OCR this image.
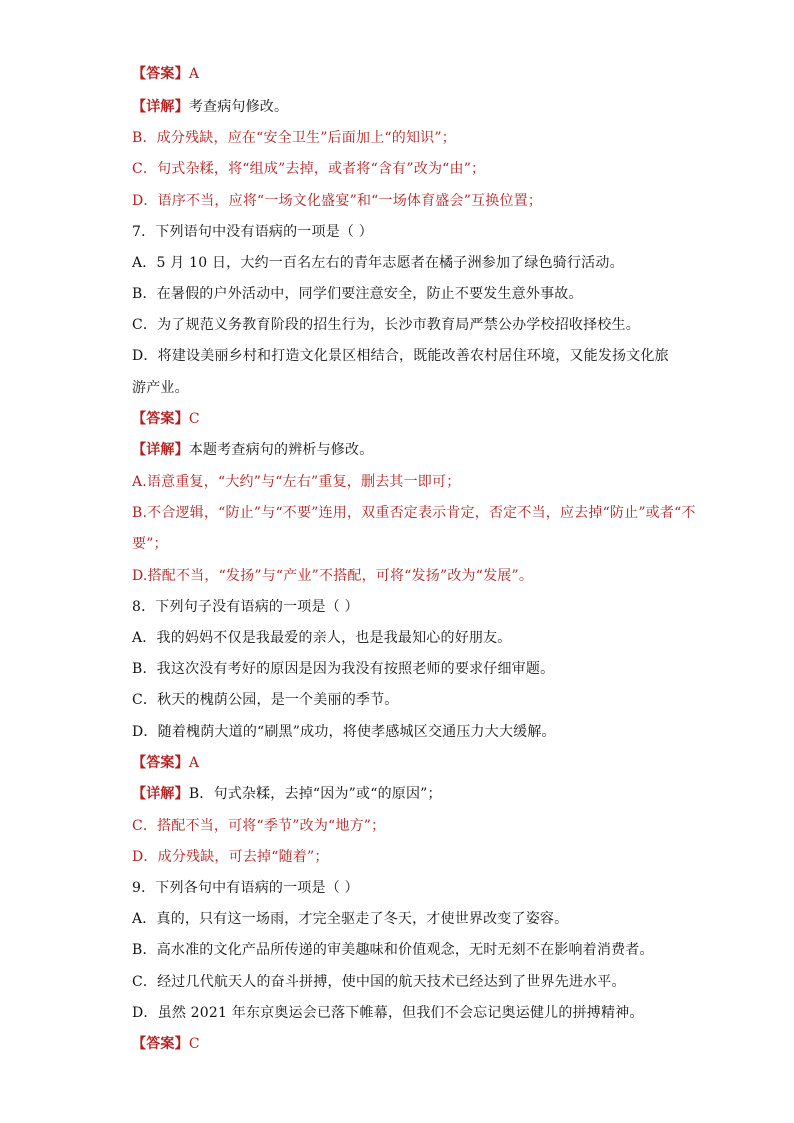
【答案】A
【详解】考查病句修改。
B．成分残缺，应在“安全卫生”后面加上“的知识”；
C．句式杂糅，将“组成”去掉，或者将“含有”改为“由”；
D．语序不当，应将“一场文化盛宴”和“一场体育盛会”互换位置；
7．下列语句中没有语病的一项是（ ）
A．5 月 10 日，大约一百名左右的青年志愿者在橘子洲参加了绿色骑行活动。
B．在暑假的户外活动中，同学们要注意安全，防止不要发生意外事故。
C．为了规范义务教育阶段的招生行为，长沙市教育局严禁公办学校招收择校生。
D．将建设美丽乡村和打造文化景区相结合，既能改善农村居住环境，又能发扬文化旅
游产业。
【答案】C
【详解】本题考查病句的辨析与修改。
A.语意重复，“大约”与“左右”重复，删去其一即可；
B.不合逻辑，“防止”与“不要”连用，双重否定表示肯定，否定不当，应去掉“防止”或者“不
要”；
D.搭配不当，“发扬”与“产业”不搭配，可将“发扬”改为“发展”。
8．下列句子没有语病的一项是（ ）
A．我的妈妈不仅是我最爱的亲人，也是我最知心的好朋友。
B．我这次没有考好的原因是因为我没有按照老师的要求仔细审题。
C．秋天的槐荫公园，是一个美丽的季节。
D．随着槐荫大道的“刷黑”成功，将使孝感城区交通压力大大缓解。
【答案】A
【详解】B．句式杂糅，去掉“因为”或“的原因”；
C．搭配不当，可将“季节”改为“地方”；
D．成分残缺，可去掉“随着”；
9．下列各句中有语病的一项是（ ）
A．真的，只有这一场雨，才完全驱走了冬天，才使世界改变了姿容。
B．高水准的文化产品所传递的审美趣味和价值观念，无时无刻不在影响着消费者。
C．经过几代航天人的奋斗拼搏，使中国的航天技术已经达到了世界先进水平。
D．虽然 2021 年东京奥运会已落下帷幕，但我们不会忘记奥运健儿的拼搏精神。
【答案】C
